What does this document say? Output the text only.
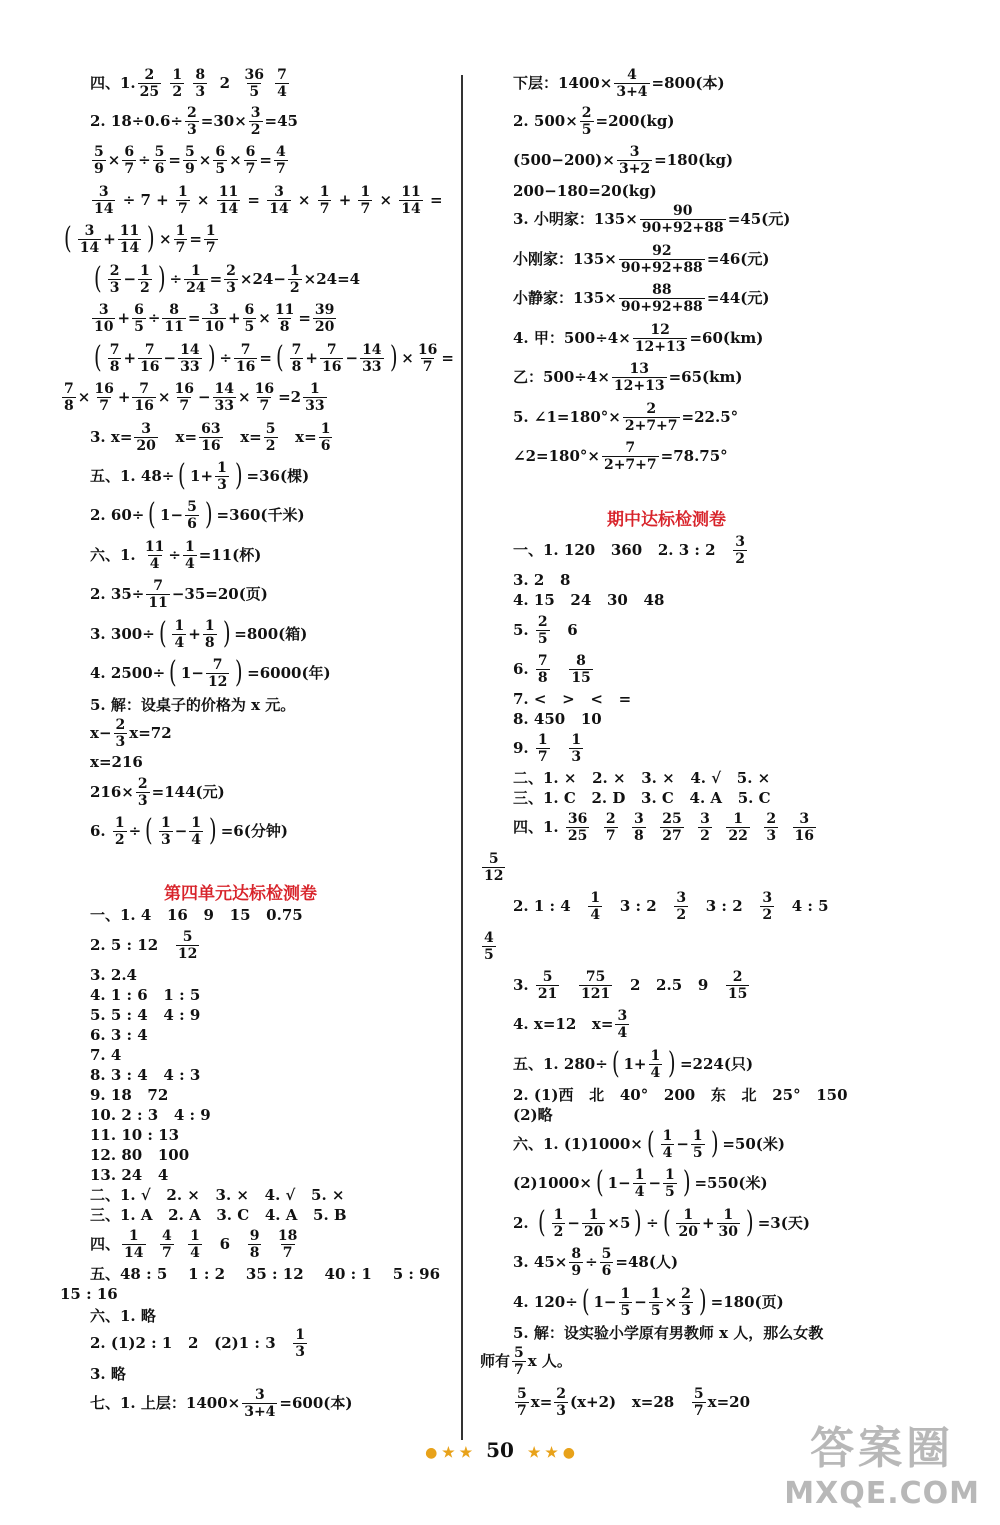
四、1. $\frac{2}{25}$
$\frac{1}{2}$
$\frac{8}{3} 2 \frac{36}{5}$
$\frac{7}{4}$
2. $18\div 0.6\div \frac{2}{3} =30\times \frac{3}{2} =45$
$\frac{5}{9} \times \frac{6}{7} \div \frac{5}{6} = \frac{5}{9} \times \frac{6}{5} \times \frac{6}{7} = \frac{4}{7}$
$\frac{3}{14} \div 7 + \frac{1}{7} \times \frac{11}{14} = \frac{3}{14} \times \frac{1}{7} + \frac{1}{7} \times \frac{11}{14}$ =
( $\frac{3}{14} + \frac{11}{14}$ ) × $\frac{1}{7} = \frac{1}{7}$
( $\frac{2}{3} - \frac{1}{2}$ ) ÷ $\frac{1}{24} = \frac{2}{3} \times 24- \frac{1}{2} \times 24=4$
$\frac{3}{10} + \frac{6}{5} \div \frac{8}{11} = \frac{3}{10} + \frac{6}{5} \times \frac{11}{8} = \frac{39}{20}$
( $\frac{7}{8} + \frac{7}{16} - \frac{14}{33}$ ) ÷ $\frac{7}{16}$ = ( $\frac{7}{8} + \frac{7}{16} - \frac{14}{33}$ ) × $\frac{16}{7}$ =
$\frac{7}{8} \times \frac{16}{7} + \frac{7}{16} \times \frac{16}{7} - \frac{14}{33} \times \frac{16}{7} =2 \frac{1}{33}$
3. $x= \frac{3}{20} x= \frac{63}{16} x= \frac{5}{2} x= \frac{1}{6}$
五、1. 48÷ ( $1+ \frac{1}{3}$ ) =36(棵)
2. 60÷ ( $1- \frac{5}{6}$ ) =360(千米)
六、1. $\frac{11}{4} \div \frac{1}{4} =11$(杯)
2. $35\div \frac{7}{11} -35=20$(页)
3. 300÷ ( $\frac{1}{4} + \frac{1}{8}$ ) =800(箱)
4. 2500÷ ( $1- \frac{7}{12}$ ) =6000(年)
5. 解：设桌子的价格为 x 元。
$x- \frac{2}{3} x=72$
x=216
$216\times \frac{2}{3} =144$(元)
6. $\frac{1}{2}$ ÷ ( $\frac{1}{3} - \frac{1}{4}$ ) =6(分钟)
一、1. 4   16   9   15   0.75
2. 5 : $12 \frac{5}{12}$
3. 2.4
4. 1 : 6   1 : 5
5. 5 : 4   4 : 9
6. 3 : 4
7. 4
8. 3 : 4   4 : 3
9. 18   72
10. 2 : 3   4 : 9
11. 10 : 13
12. 80   100
13. 24   4
二、1. √   2. ×   3. ×   4. √   5. ×
三、1. A   2. A   3. C   4. A   5. B
四、 $\frac{1}{14}$
$\frac{4}{7}$
$\frac{1}{4} 6 \frac{9}{8}$
$\frac{18}{7}$
五、48 : 5    1 : 2    35 : 12    40 : 1    5 : 96
15 : 16
六、1. 略
2. (1)2 : 1   2   (2)1 : $3 \frac{1}{3}$
3. 略
七、1. 上层：$1400\times \frac{3}{3+4} =600$(本)
下层：$1400\times \frac{4}{3+4} =800$(本)
2. $500\times \frac{2}{5} =200(kg)$
$(500-200)\times \frac{3}{3+2} =180(kg)$
200−180=20(kg)
3. 小明家：$135\times \frac{90}{90+92+88} =45$(元)
小刚家：$135\times \frac{92}{90+92+88} =46$(元)
小静家：$135\times \frac{88}{90+92+88} =44$(元)
4. 甲：$500\div 4\times \frac{12}{12+13} =60(km)$
乙：$500\div 4\times \frac{13}{12+13} =65(km)$
5. ∠1=180°× $\frac{2}{2+7+7} =22.5^\circ$
∠2=180°× $\frac{7}{2+7+7} =78.75^\circ$
一、1. 120   360   2. 3 : $2 \frac{3}{2}$
3. 2   8
4. 15   24   30   48
5. $\frac{2}{5} 6$
6. $\frac{7}{8}$
$\frac{8}{15}$
7. <   >   <   =
8. 450   10
9. $\frac{1}{7}$
$\frac{1}{3}$
二、1. ×   2. ×   3. ×   4. √   5. ×
三、1. C   2. D   3. C   4. A   5. C
四、1. $\frac{36}{25}$
$\frac{2}{7}$
$\frac{3}{8}$
$\frac{25}{27}$
$\frac{3}{2}$
$\frac{1}{22}$
$\frac{2}{3}$
$\frac{3}{16}$
$\frac{5}{12}$
2. 1 : $4 \frac{1}{4} 3$ : $2 \frac{3}{2} 3$ : $2 \frac{3}{2} 4$ : 5
$\frac{4}{5}$
3. $\frac{5}{21}$
$\frac{75}{121} 2$   2.5   $9 \frac{2}{15}$
4. x=12   $x= \frac{3}{4}$
五、1. 280÷ ( $1+ \frac{1}{4}$ ) =224(只)
2. (1)西   北   40°   200   东   北   25°   150
(2)略
六、1. (1)1000× ( $\frac{1}{4} - \frac{1}{5}$ ) =50(米)
(2)1000× ( $1- \frac{1}{4} - \frac{1}{5}$ ) =550(米)
2. ( $\frac{1}{2} - \frac{1}{20} \times 5$ ) ÷ ( $\frac{1}{20} + \frac{1}{30}$ ) =3(天)
3. $45\times \frac{8}{9} \div \frac{5}{6} =48$(人)
4. 120÷ ( $1- \frac{1}{5} - \frac{1}{5} \times \frac{2}{3}$ ) =180(页)
5. 解：设实验小学原有男教师 x 人，那么女教
师有 $\frac{5}{7}$ x 人。
$\frac{5}{7} x= \frac{2}{3} (x+2)$   $x=28 \frac{5}{7} x=20$
第四单元达标检测卷
期中达标检测卷
● ★ ★ 50 ★ ★ ●	答案圈
MXQE.COM
